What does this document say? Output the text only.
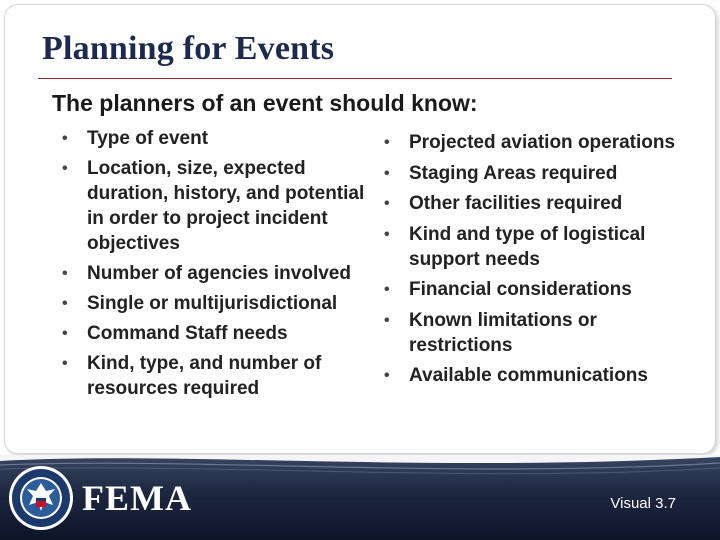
Planning for Events
The planners of an event should know:
• Type of event
• Location, size, expected duration, history, and potential in order to project incident objectives
• Number of agencies involved
• Single or multijurisdictional
• Command Staff needs
• Kind, type, and number of resources required
• Projected aviation operations
• Staging Areas required
• Other facilities required
• Kind and type of logistical support needs
• Financial considerations
• Known limitations or restrictions
• Available communications
FEMA	Visual 3.7
